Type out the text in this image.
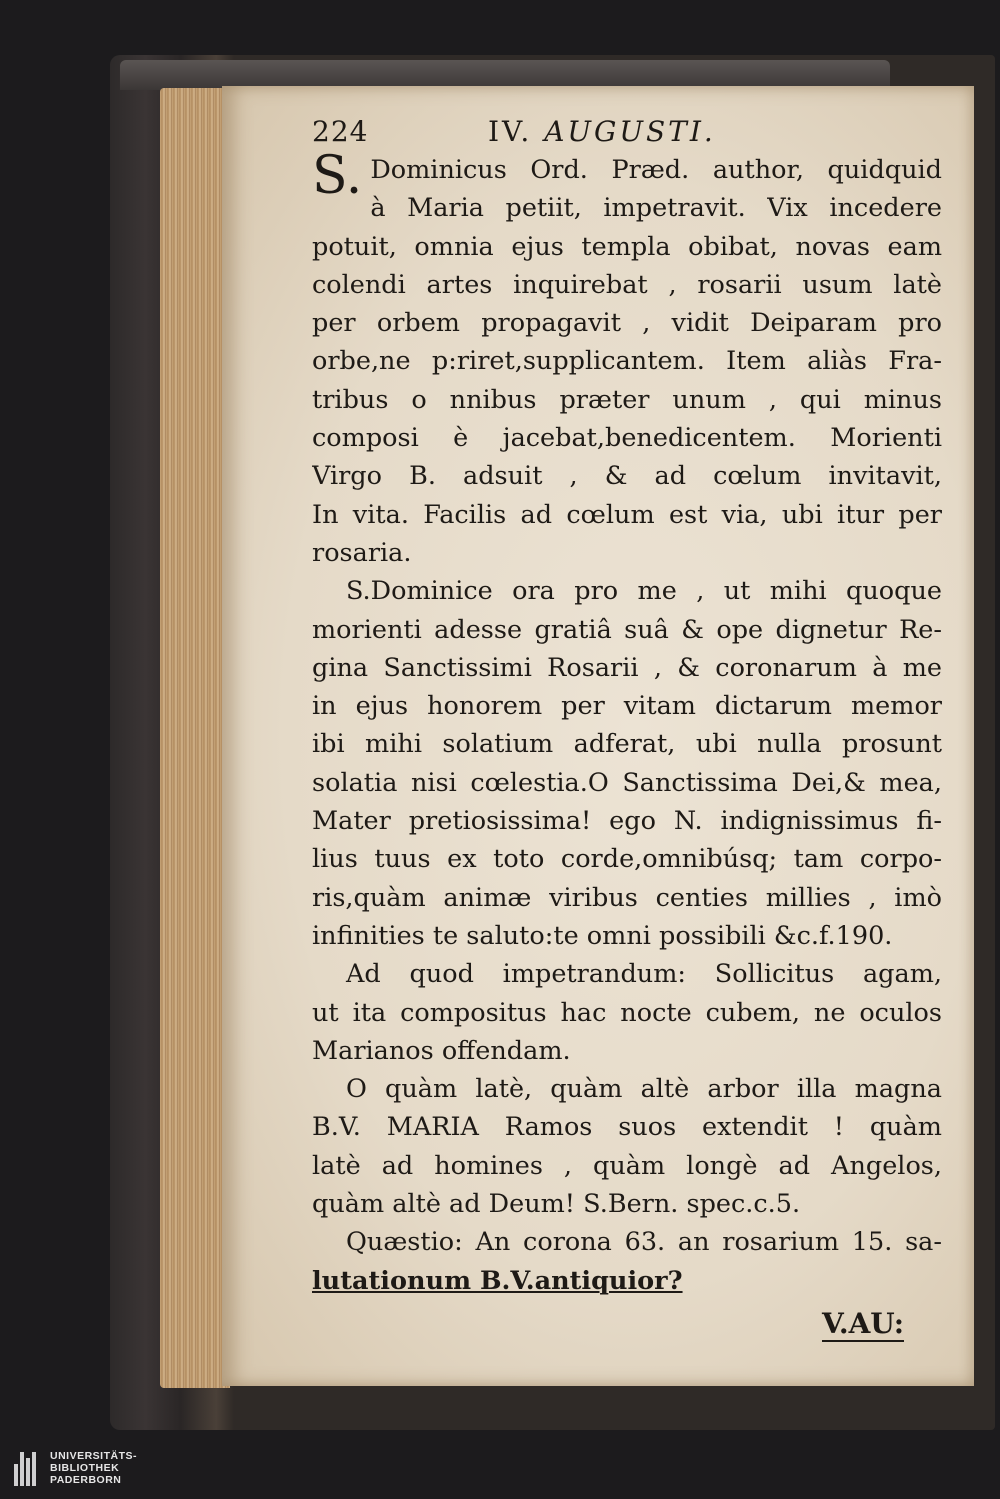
224	IV. AUGUSTI.
S. Dominicus Ord. Præd. author, quidquid
à Maria petiit, impetravit. Vix incedere
potuit, omnia ejus templa obibat, novas eam
colendi artes inquirebat , rosarii usum latè
per orbem propagavit , vidit Deiparam pro
orbe,ne p:riret,supplicantem. Item aliàs Fra-
tribus o nnibus præter unum , qui minus
composi è jacebat,benedicentem. Morienti
Virgo B. adsuit , & ad cœlum invitavit,
In vita. Facilis ad cœlum est via, ubi itur per
rosaria.
S.Dominice ora pro me , ut mihi quoque
morienti adesse gratiâ suâ & ope dignetur Re-
gina Sanctissimi Rosarii , & coronarum à me
in ejus honorem per vitam dictarum memor
ibi mihi solatium adferat, ubi nulla prosunt
solatia nisi cœlestia.O Sanctissima Dei,& mea,
Mater pretiosissima! ego N. indignissimus fi-
lius tuus ex toto corde,omnibúsq; tam corpo-
ris,quàm animæ viribus centies millies , imò
infinities te saluto:te omni possibili &c.f.190.
Ad quod impetrandum: Sollicitus agam,
ut ita compositus hac nocte cubem, ne oculos
Marianos offendam.
O quàm latè, quàm altè arbor illa magna
B.V. MARIA Ramos suos extendit ! quàm
latè ad homines , quàm longè ad Angelos,
quàm altè ad Deum! S.Bern. spec.c.5.
Quæstio: An corona 63. an rosarium 15. sa-
lutationum B.V.antiquior?
V.AU:
UNIVERSITÄTS-
BIBLIOTHEK
PADERBORN
